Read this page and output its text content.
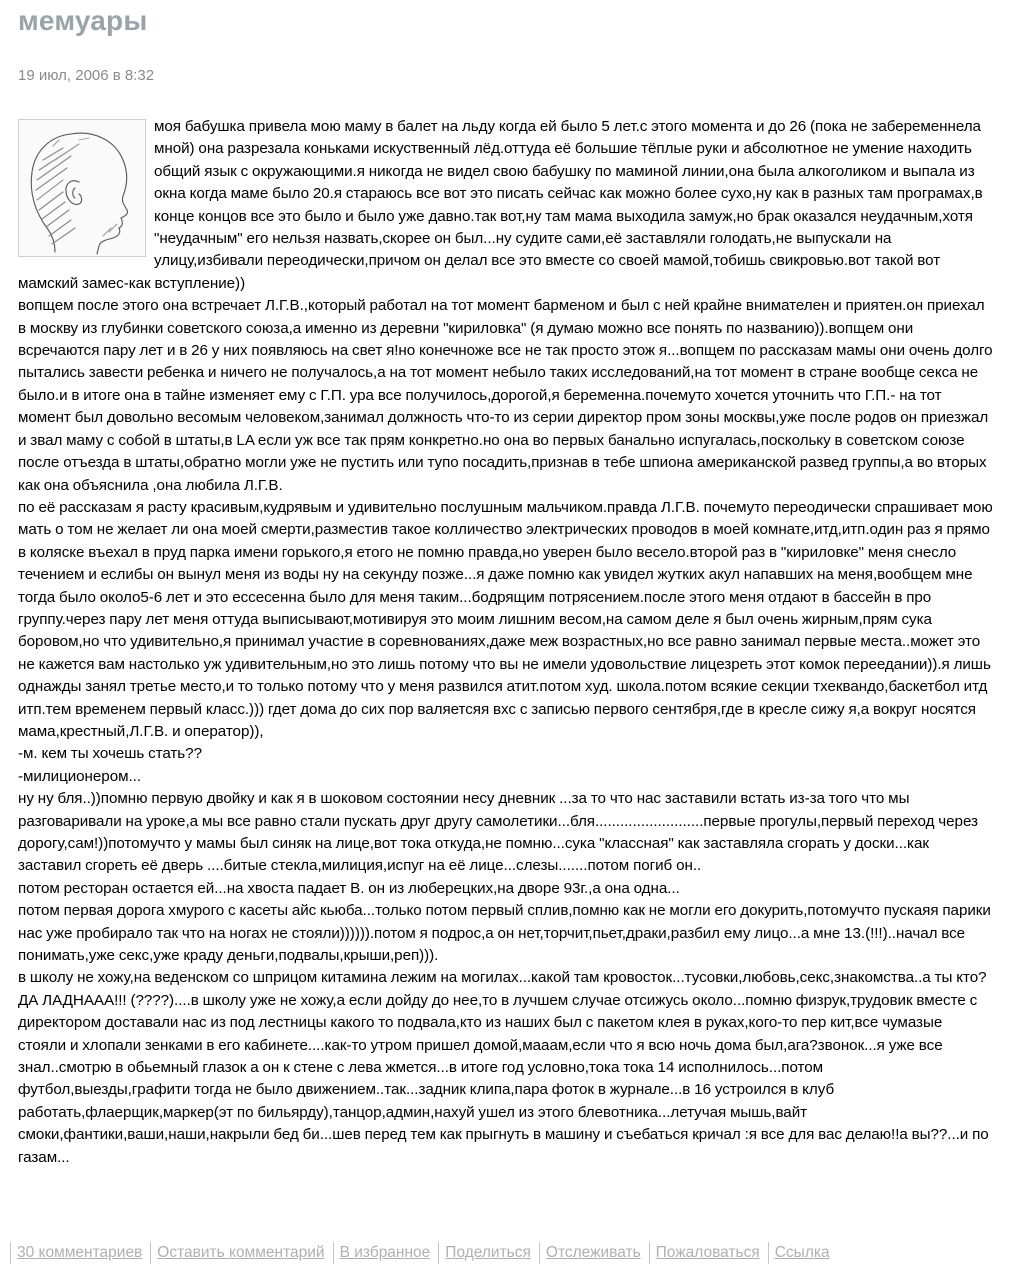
мемуары
19 июл, 2006 в 8:32

моя бабушка привела мою маму в балет на льду когда ей было 5 лет.с этого момента и до 26 (пока не забеременнела мной) она разрезала коньками искуственный лёд.оттуда её большие тёплые руки и абсолютное не умение находить общий язык с окружающими.я никогда не видел свою бабушку по маминой линии,она была алкоголиком и выпала из окна когда маме было 20.я стараюсь все вот это писать сейчас как можно более сухо,ну как в разных там програмах,в конце концов все это было и было уже давно.так вот,ну там мама выходила замуж,но брак оказался неудачным,хотя "неудачным" его нельзя назвать,скорее он был...ну судите сами,её заставляли голодать,не выпускали на улицу,избивали переодически,причом он делал все это вместе со своей мамой,тобишь свикровью.вот такой вот мамский замес-как вступление))
вопщем после этого она встречает Л.Г.В.,который работал на тот момент барменом и был с ней крайне внимателен и приятен.он приехал в москву из глубинки советского союза,а именно из деревни "кириловка" (я думаю можно все понять по названию)).вопщем они всречаются пару лет и в 26 у них появляюсь на свет я!но конечноже все не так просто этож я...вопщем по рассказам мамы они очень долго пытались завести ребенка и ничего не получалось,а на тот момент небыло таких исследований,на тот момент в стране вообще секса не было.и в итоге она в тайне изменяет ему с Г.П. ура все получилось,дорогой,я беременна.почемуто хочется уточнить что Г.П.- на тот момент был довольно весомым человеком,занимал должность что-то из серии директор пром зоны москвы,уже после родов он приезжал и звал маму с собой в штаты,в LA если уж все так прям конкретно.но она во первых банально испугалась,поскольку в советском союзе после отъезда в штаты,обратно могли уже не пустить или тупо посадить,признав в тебе шпиона американской развед группы,а во вторых как она объяснила ,она любила Л.Г.В.
по её рассказам я расту красивым,кудрявым и удивительно послушным мальчиком.правда Л.Г.В. почемуто переодически спрашивает мою мать о том не желает ли она моей смерти,разместив такое колличество электрических проводов в моей комнате,итд,итп.один раз я прямо в коляске въехал в пруд парка имени горького,я етого не помню правда,но уверен было весело.второй раз в "кириловке" меня снесло течением и еслибы он вынул меня из воды ну на секунду позже...я даже помню как увидел жутких акул напавших на меня,вообщем мне тогда было около5-6 лет и это ессесенна было для меня таким...бодрящим потрясением.после этого меня отдают в бассейн в про группу.через пару лет меня оттуда выписывают,мотивируя это моим лишним весом,на самом деле я был очень жирным,прям сука боровом,но что удивительно,я принимал участие в соревнованиях,даже меж возрастных,но все равно занимал первые места..может это не кажется вам настолько уж удивительным,но это лишь потому что вы не имели удовольствие лицезреть этот комок переедании)).я лишь однажды занял третье место,и то только потому что у меня развился атит.потом худ. школа.потом всякие секции тхеквандо,баскетбол итд итп.тем временем первый класс.))) гдет дома до сих пор валяетсяя вхс с записью первого сентября,где в кресле сижу я,а вокруг носятся мама,крестный,Л.Г.В. и оператор)),
-м. кем ты хочешь стать??
-милиционером...
ну ну бля..))помню первую двойку и как я в шоковом состоянии несу дневник ...за то что нас заставили встать из-за того что мы разговаривали на уроке,а мы все равно стали пускать друг другу самолетики...бля..........................первые прогулы,первый переход через дорогу,сам!))потомучто у мамы был синяк на лице,вот тока откуда,не помню...сука "классная" как заставляла сгорать у доски...как заставил сгореть её дверь ....битые стекла,милиция,испуг на её лице...слезы.......потом погиб он..
потом ресторан остается ей...на хвоста падает В. он из люберецких,на дворе 93г.,а она одна...
потом первая дорога хмурого с касеты айс кьюба...только потом первый сплив,помню как не могли его докурить,потомучто пускаяя парики нас уже пробирало так что на ногах не стояли)))))).потом я подрос,а он нет,торчит,пьет,драки,разбил ему лицо...а мне 13.(!!!)..начал все понимать,уже секс,уже краду деньги,подвалы,крыши,реп))).
в школу не хожу,на веденском со шприцом китамина лежим на могилах...какой там кровосток...тусовки,любовь,секс,знакомства..а ты кто?ДА ЛАДНААА!!! (????)....в школу уже не хожу,а если дойду до нее,то в лучшем случае отсижусь около...помню физрук,трудовик вместе с директором доставали нас из под лестницы какого то подвала,кто из наших был с пакетом клея в руках,кого-то пер кит,все чумазые стояли и хлопали зенками в его кабинете....как-то утром пришел домой,мааам,если что я всю ночь дома был,ага?звонок...я уже все знал..смотрю в обьемный глазок а он к стене с лева жмется...в итоге год условно,тока тока 14 исполнилось...потом футбол,выезды,графити тогда не было движением..так...задник клипа,пара фоток в журнале...в 16 устроился в клуб работать,флаерщик,маркер(эт по бильярду),танцор,админ,нахуй ушел из этого блевотника...летучая мышь,вайт смоки,фантики,ваши,наши,накрыли бед би...шев перед тем как прыгнуть в машину и съебаться кричал :я все для вас делаю!!а вы??...и по газам...

30 комментариев Оставить комментарий В избранное Поделиться Отслеживать Пожаловаться Ссылка
